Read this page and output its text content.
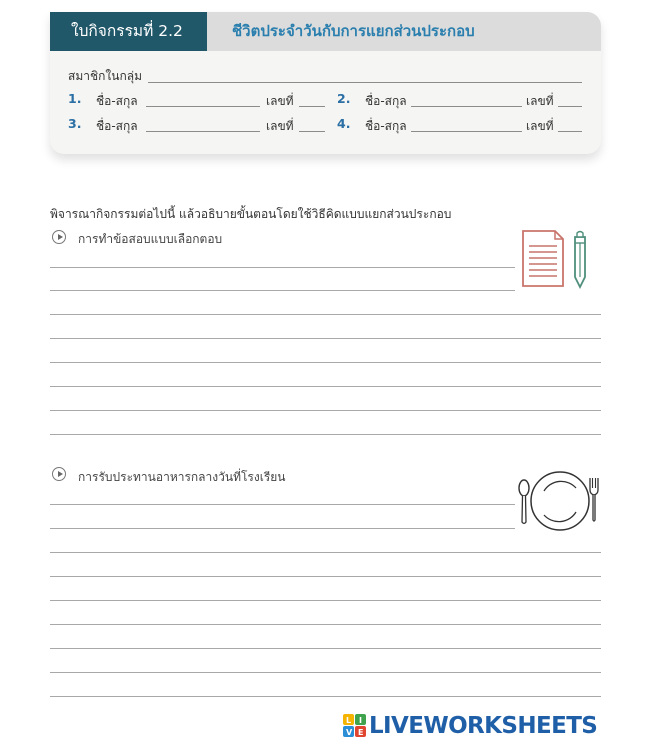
ใบกิจกรรมที่ 2.2	ชีวิตประจำวันกับการแยกส่วนประกอบ
สมาชิกในกลุ่ม
1. ชื่อ-สกุล	เลขที่	2. ชื่อ-สกุล	เลขที่
3. ชื่อ-สกุล	เลขที่	4. ชื่อ-สกุล	เลขที่
พิจารณากิจกรรมต่อไปนี้ แล้วอธิบายขั้นตอนโดยใช้วิธีคิดแบบแยกส่วนประกอบ
การทำข้อสอบแบบเลือกตอบ
การรับประทานอาหารกลางวันที่โรงเรียน
L I
V E LIVEWORKSHEETS
